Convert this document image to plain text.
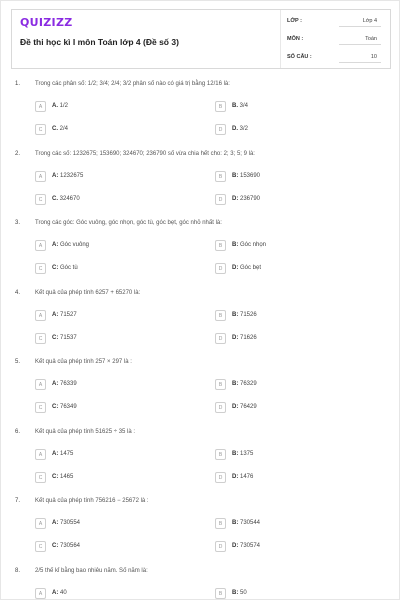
QUIZIZZ
Đề thi học kì I môn Toán lớp 4 (Đề số 3)
LỚP :	Lớp 4
MÔN :	Toán
SỐ CÂU :	10
1. Trong các phân số: 1/2; 3/4; 2/4; 3/2 phân số nào có giá trị bằng 12/16 là:
A	A. 1/2	B	B. 3/4
C	C. 2/4	D	D. 3/2
2. Trong các số: 1232675; 153690; 324670; 236790 số vừa chia hết cho: 2; 3; 5; 9 là:
A	A: 1232675	B	B: 153690
C	C. 324670	D	D: 236790
3. Trong các góc: Góc vuông, góc nhọn, góc tù, góc bẹt, góc nhỏ nhất là:
A	A: Góc vuông	B	B: Góc nhọn
C	C: Góc tù	D	D: Góc bẹt
4. Kết quả của phép tính 6257 + 65270 là:
A	A: 71527	B	B: 71526
C	C: 71537	D	D: 71626
5. Kết quả của phép tính 257 × 297 là :
A	A: 76339	B	B: 76329
C	C: 76349	D	D: 76429
6. Kết quả của phép tính 51625 ÷ 35 là :
A	A: 1475	B	B: 1375
C	C: 1465	D	D: 1476
7. Kết quả của phép tính 756216 − 25672 là :
A	A: 730554	B	B: 730544
C	C: 730564	D	D: 730574
8. 2/5 thế kỉ bằng bao nhiêu năm. Số năm là:
A	A: 40	B	B: 50
